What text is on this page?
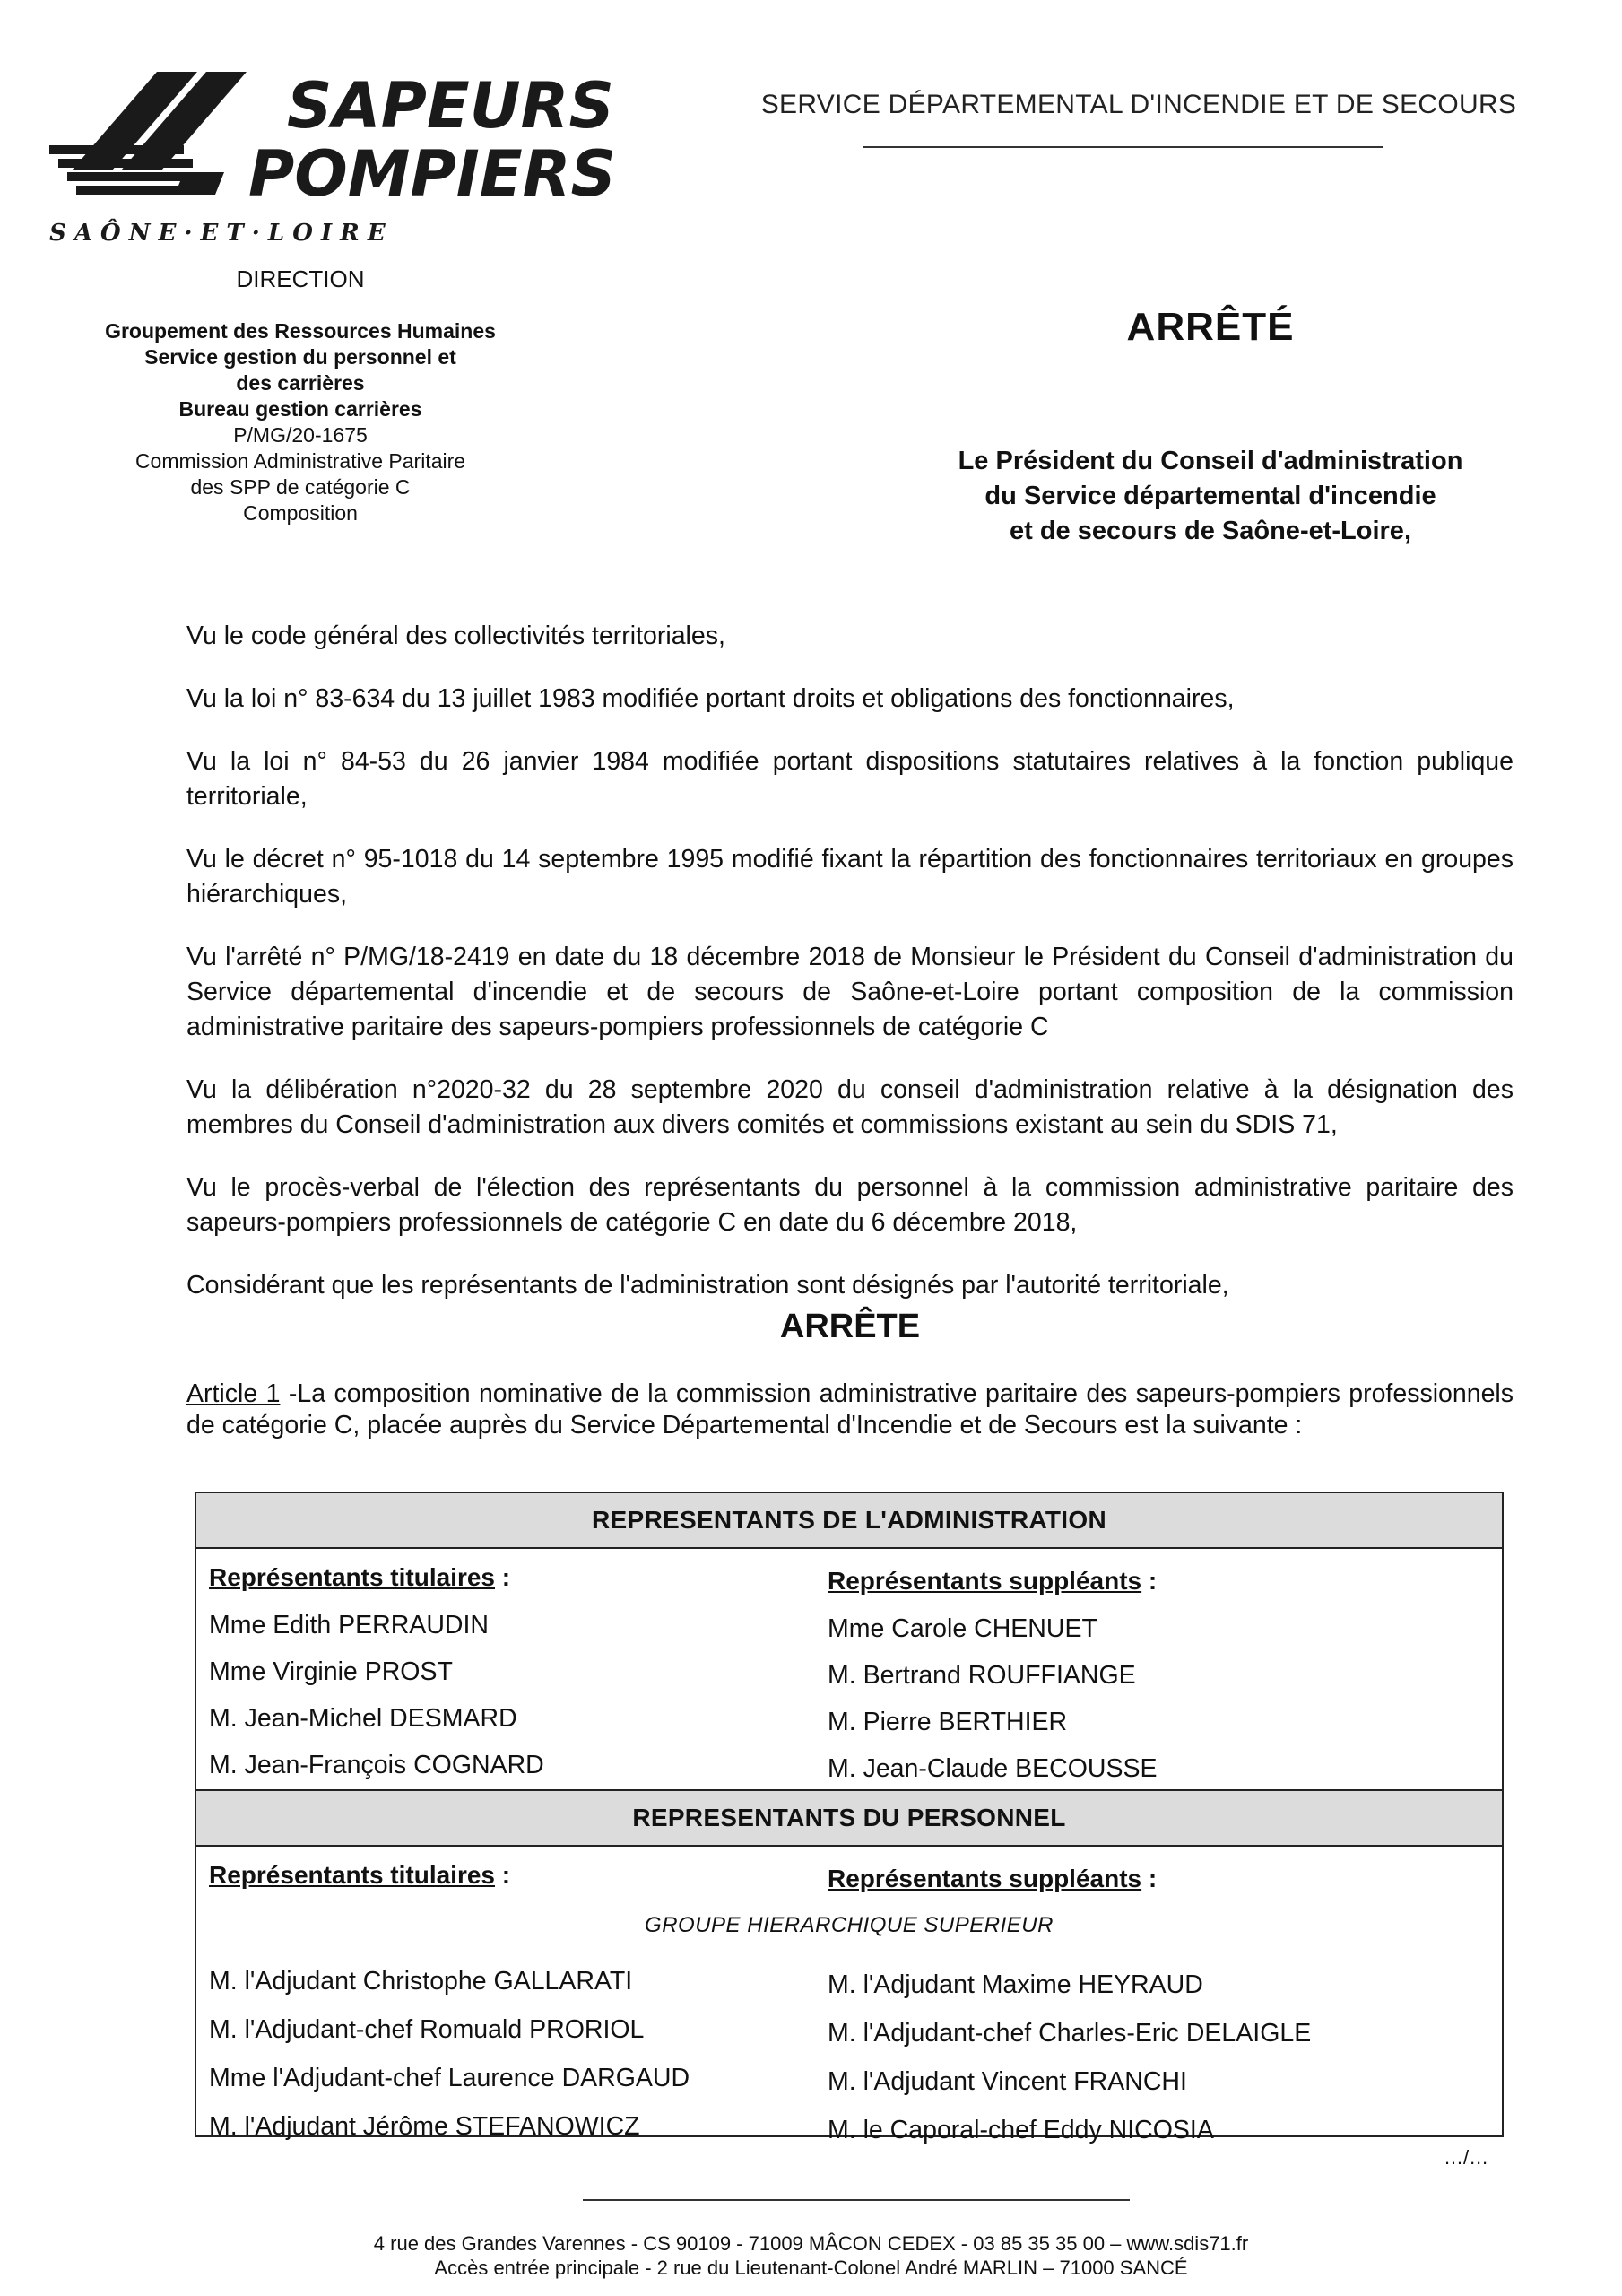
SAPEURS
POMPIERS
S A Ô N E · E T · L O I R E
SERVICE DÉPARTEMENTAL D'INCENDIE ET DE SECOURS
DIRECTION
Groupement des Ressources Humaines
Service gestion du personnel et
des carrières
Bureau gestion carrières
P/MG/20-1675
Commission Administrative Paritaire
des SPP de catégorie C
Composition
ARRÊTÉ
Le Président du Conseil d'administration
du Service départemental d'incendie
et de secours de Saône-et-Loire,

Vu le code général des collectivités territoriales,

Vu la loi n° 83-634 du 13 juillet 1983 modifiée portant droits et obligations des fonctionnaires,

Vu la loi n° 84-53 du 26 janvier 1984 modifiée portant dispositions statutaires relatives à la fonction publique territoriale,

Vu le décret n° 95-1018 du 14 septembre 1995 modifié fixant la répartition des fonctionnaires territoriaux en groupes hiérarchiques,

Vu l'arrêté n° P/MG/18-2419 en date du 18 décembre 2018 de Monsieur le Président du Conseil d'administration du Service départemental d'incendie et de secours de Saône-et-Loire portant composition de la commission administrative paritaire des sapeurs-pompiers professionnels de catégorie C

Vu la délibération n°2020-32 du 28 septembre 2020 du conseil d'administration relative à la désignation des membres du Conseil d'administration aux divers comités et commissions existant au sein du SDIS 71,

Vu le procès-verbal de l'élection des représentants du personnel à la commission administrative paritaire des sapeurs-pompiers professionnels de catégorie C en date du 6 décembre 2018,

Considérant que les représentants de l'administration sont désignés par l'autorité territoriale,

ARRÊTE
Article 1 -La composition nominative de la commission administrative paritaire des sapeurs-pompiers professionnels de catégorie C, placée auprès du Service Départemental d'Incendie et de Secours est la suivante :
REPRESENTANTS DE L'ADMINISTRATION
Représentants titulaires :	Représentants suppléants :
Mme Edith PERRAUDIN
Mme Virginie PROST
M. Jean-Michel DESMARD
M. Jean-François COGNARD
Mme Carole CHENUET
M. Bertrand ROUFFIANGE
M. Pierre BERTHIER
M. Jean-Claude BECOUSSE
REPRESENTANTS DU PERSONNEL
Représentants titulaires :	Représentants suppléants :
GROUPE HIERARCHIQUE SUPERIEUR
M. l'Adjudant Christophe GALLARATI
M. l'Adjudant-chef Romuald PRORIOL
Mme l'Adjudant-chef Laurence DARGAUD
M. l'Adjudant Jérôme STEFANOWICZ
M. l'Adjudant Maxime HEYRAUD
M. l'Adjudant-chef Charles-Eric DELAIGLE
M. l'Adjudant Vincent FRANCHI
M. le Caporal-chef Eddy NICOSIA
…/…
4 rue des Grandes Varennes - CS 90109 - 71009 MÂCON CEDEX - 03 85 35 35 00 – www.sdis71.fr
Accès entrée principale - 2 rue du Lieutenant-Colonel André MARLIN – 71000 SANCÉ
